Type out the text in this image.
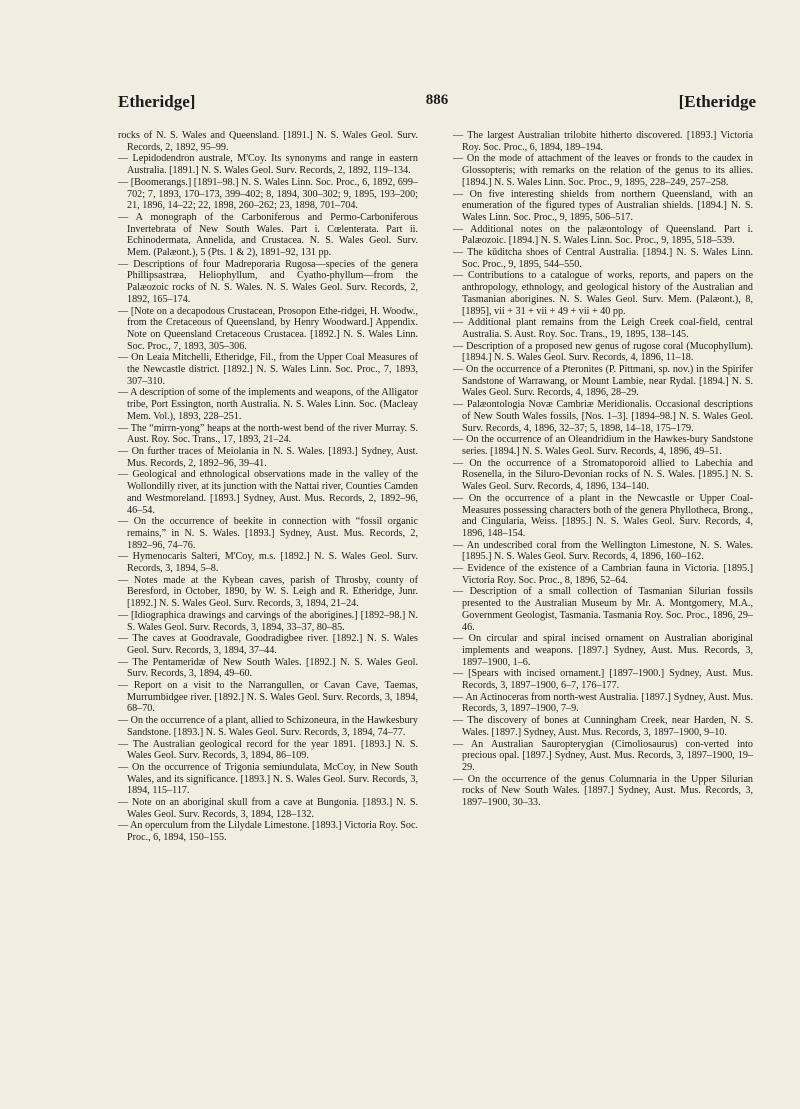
Etheridge]	886	[Etheridge

rocks of N. S. Wales and Queensland. [1891.] N. S. Wales Geol. Surv. Records, 2, 1892, 95–99.

— Lepidodendron australe, M'Coy. Its synonyms and range in eastern Australia. [1891.] N. S. Wales Geol. Surv. Records, 2, 1892, 119–134.

— [Boomerangs.] [1891–98.] N. S. Wales Linn. Soc. Proc., 6, 1892, 699–702; 7, 1893, 170–173, 399–402; 8, 1894, 300–302; 9, 1895, 193–200; 21, 1896, 14–22; 22, 1898, 260–262; 23, 1898, 701–704.

— A monograph of the Carboniferous and Permo-Carboniferous Invertebrata of New South Wales. Part i. Cœlenterata. Part ii. Echinodermata, Annelida, and Crustacea. N. S. Wales Geol. Surv. Mem. (Palæont.), 5 (Pts. 1 & 2), 1891–92, 131 pp.

— Descriptions of four Madreporaria Rugosa—species of the genera Phillipsastræa, Heliophyllum, and Cyatho-phyllum—from the Palæozoic rocks of N. S. Wales. N. S. Wales Geol. Surv. Records, 2, 1892, 165–174.

— [Note on a decapodous Crustacean, Prosopon Ethe-ridgei, H. Woodw., from the Cretaceous of Queensland, by Henry Woodward.] Appendix. Note on Queensland Cretaceous Crustacea. [1892.] N. S. Wales Linn. Soc. Proc., 7, 1893, 305–306.

— On Leaia Mitchelli, Etheridge, Fil., from the Upper Coal Measures of the Newcastle district. [1892.] N. S. Wales Linn. Soc. Proc., 7, 1893, 307–310.

— A description of some of the implements and weapons, of the Alligator tribe, Port Essington, north Australia. N. S. Wales Linn. Soc. (Macleay Mem. Vol.), 1893, 228–251.

— The “mirrn-yong” heaps at the north-west bend of the river Murray. S. Aust. Roy. Soc. Trans., 17, 1893, 21–24.

— On further traces of Meiolania in N. S. Wales. [1893.] Sydney, Aust. Mus. Records, 2, 1892–96, 39–41.

— Geological and ethnological observations made in the valley of the Wollondilly river, at its junction with the Nattai river, Counties Camden and Westmoreland. [1893.] Sydney, Aust. Mus. Records, 2, 1892–96, 46–54.

— On the occurrence of beekite in connection with “fossil organic remains,” in N. S. Wales. [1893.] Sydney, Aust. Mus. Records, 2, 1892–96, 74–76.

— Hymenocaris Salteri, M'Coy, m.s. [1892.] N. S. Wales Geol. Surv. Records, 3, 1894, 5–8.

— Notes made at the Kybean caves, parish of Throsby, county of Beresford, in October, 1890, by W. S. Leigh and R. Etheridge, Junr. [1892.] N. S. Wales Geol. Surv. Records, 3, 1894, 21–24.

— [Idiographica drawings and carvings of the aborigines.] [1892–98.] N. S. Wales Geol. Surv. Records, 3, 1894, 33–37, 80–85.

— The caves at Goodravale, Goodradigbee river. [1892.] N. S. Wales Geol. Surv. Records, 3, 1894, 37–44.

— The Pentameridæ of New South Wales. [1892.] N. S. Wales Geol. Surv. Records, 3, 1894, 49–60.

— Report on a visit to the Narrangullen, or Cavan Cave, Taemas, Murrumbidgee river. [1892.] N. S. Wales Geol. Surv. Records, 3, 1894, 68–70.

— On the occurrence of a plant, allied to Schizoneura, in the Hawkesbury Sandstone. [1893.] N. S. Wales Geol. Surv. Records, 3, 1894, 74–77.

— The Australian geological record for the year 1891. [1893.] N. S. Wales Geol. Surv. Records, 3, 1894, 86–109.

— On the occurrence of Trigonia semiundulata, McCoy, in New South Wales, and its significance. [1893.] N. S. Wales Geol. Surv. Records, 3, 1894, 115–117.

— Note on an aboriginal skull from a cave at Bungonia. [1893.] N. S. Wales Geol. Surv. Records, 3, 1894, 128–132.

— An operculum from the Lilydale Limestone. [1893.] Victoria Roy. Soc. Proc., 6, 1894, 150–155.

— The largest Australian trilobite hitherto discovered. [1893.] Victoria Roy. Soc. Proc., 6, 1894, 189–194.

— On the mode of attachment of the leaves or fronds to the caudex in Glossopteris; with remarks on the relation of the genus to its allies. [1894.] N. S. Wales Linn. Soc. Proc., 9, 1895, 228–249, 257–258.

— On five interesting shields from northern Queensland, with an enumeration of the figured types of Australian shields. [1894.] N. S. Wales Linn. Soc. Proc., 9, 1895, 506–517.

— Additional notes on the palæontology of Queensland. Part i. Palæozoic. [1894.] N. S. Wales Linn. Soc. Proc., 9, 1895, 518–539.

— The kūditcha shoes of Central Australia. [1894.] N. S. Wales Linn. Soc. Proc., 9, 1895, 544–550.

— Contributions to a catalogue of works, reports, and papers on the anthropology, ethnology, and geological history of the Australian and Tasmanian aborigines. N. S. Wales Geol. Surv. Mem. (Palæont.), 8, [1895], vii + 31 + vii + 49 + vii + 40 pp.

— Additional plant remains from the Leigh Creek coal-field, central Australia. S. Aust. Roy. Soc. Trans., 19, 1895, 138–145.

— Description of a proposed new genus of rugose coral (Mucophyllum). [1894.] N. S. Wales Geol. Surv. Records, 4, 1896, 11–18.

— On the occurrence of a Pteronites (P. Pittmani, sp. nov.) in the Spirifer Sandstone of Warrawang, or Mount Lambie, near Rydal. [1894.] N. S. Wales Geol. Surv. Records, 4, 1896, 28–29.

— Palæontologia Novæ Cambriæ Meridionalis. Occasional descriptions of New South Wales fossils, [Nos. 1–3]. [1894–98.] N. S. Wales Geol. Surv. Records, 4, 1896, 32–37; 5, 1898, 14–18, 175–179.

— On the occurrence of an Oleandridium in the Hawkes-bury Sandstone series. [1894.] N. S. Wales Geol. Surv. Records, 4, 1896, 49–51.

— On the occurrence of a Stromatoporoid allied to Labechia and Rosenella, in the Siluro-Devonian rocks of N. S. Wales. [1895.] N. S. Wales Geol. Surv. Records, 4, 1896, 134–140.

— On the occurrence of a plant in the Newcastle or Upper Coal-Measures possessing characters both of the genera Phyllotheca, Brong., and Cingularia, Weiss. [1895.] N. S. Wales Geol. Surv. Records, 4, 1896, 148–154.

— An undescribed coral from the Wellington Limestone, N. S. Wales. [1895.] N. S. Wales Geol. Surv. Records, 4, 1896, 160–162.

— Evidence of the existence of a Cambrian fauna in Victoria. [1895.] Victoria Roy. Soc. Proc., 8, 1896, 52–64.

— Description of a small collection of Tasmanian Silurian fossils presented to the Australian Museum by Mr. A. Montgomery, M.A., Government Geologist, Tasmania. Tasmania Roy. Soc. Proc., 1896, 29–46.

— On circular and spiral incised ornament on Australian aboriginal implements and weapons. [1897.] Sydney, Aust. Mus. Records, 3, 1897–1900, 1–6.

— [Spears with incised ornament.] [1897–1900.] Sydney, Aust. Mus. Records, 3, 1897–1900, 6–7, 176–177.

— An Actinoceras from north-west Australia. [1897.] Sydney, Aust. Mus. Records, 3, 1897–1900, 7–9.

— The discovery of bones at Cunningham Creek, near Harden, N. S. Wales. [1897.] Sydney, Aust. Mus. Records, 3, 1897–1900, 9–10.

— An Australian Sauropterygian (Cimoliosaurus) con-verted into precious opal. [1897.] Sydney, Aust. Mus. Records, 3, 1897–1900, 19–29.

— On the occurrence of the genus Columnaria in the Upper Silurian rocks of New South Wales. [1897.] Sydney, Aust. Mus. Records, 3, 1897–1900, 30–33.
